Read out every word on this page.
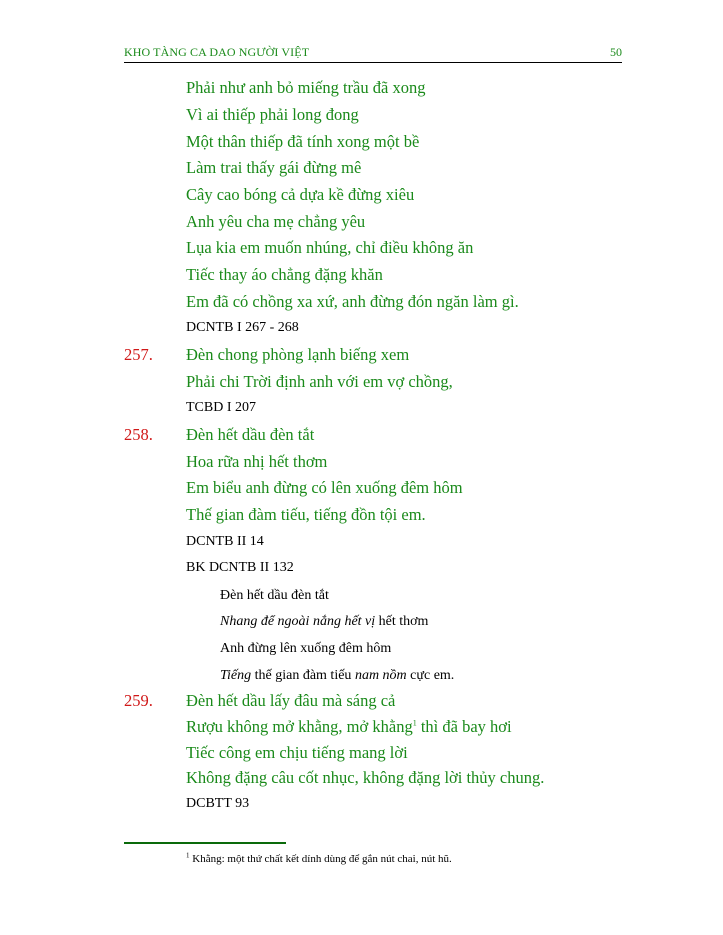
KHO TÀNG CA DAO NGƯỜI VIỆT	50
Phải như anh bỏ miếng trầu đã xong
Vì ai thiếp phải long đong
Một thân thiếp đã tính xong một bề
Làm trai thấy gái đừng mê
Cây cao bóng cả dựa kề đừng xiêu
Anh yêu cha mẹ chẳng yêu
Lụa kia em muốn nhúng, chỉ điều không ăn
Tiếc thay áo chẳng đặng khăn
Em đã có chồng xa xứ, anh đừng đón ngăn làm gì.
DCNTB I 267 - 268
257. Đèn chong phòng lạnh biếng xem
Phải chi Trời định anh với em vợ chồng,
TCBD I 207
258. Đèn hết dầu đèn tắt
Hoa rữa nhị hết thơm
Em biểu anh đừng có lên xuống đêm hôm
Thế gian đàm tiếu, tiếng đồn tội em.
DCNTB II 14
BK DCNTB II 132
Đèn hết dầu đèn tắt
Nhang để ngoài nắng hết vị hết thơm
Anh đừng lên xuống đêm hôm
Tiếng thế gian đàm tiếu nam nồm cực em.
259. Đèn hết dầu lấy đâu mà sáng cả
Rượu không mở khằng, mở khằng$^1$ thì đã bay hơi
Tiếc công em chịu tiếng mang lời
Không đặng câu cốt nhục, không đặng lời thủy chung.
DCBTT 93
$^1$ Khằng: một thứ chất kết dính dùng để gắn nút chai, nút hũ.
